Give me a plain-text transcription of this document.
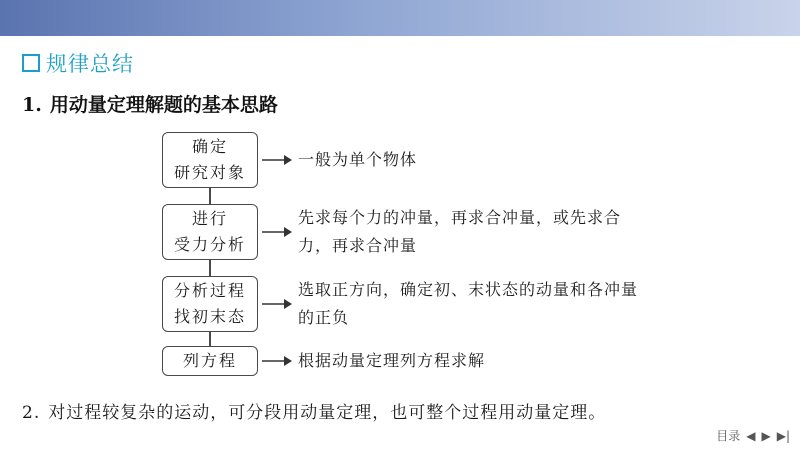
规律总结
1. 用动量定理解题的基本思路
确定
研究对象
一般为单个物体
进行
受力分析
先求每个力的冲量，再求合冲量，或先求合力，再求合冲量
分析过程
找初末态
选取正方向，确定初、末状态的动量和各冲量的正负
列方程	根据动量定理列方程求解
2. 对过程较复杂的运动，可分段用动量定理，也可整个过程用动量定理。
目录 ◀ ▶ ▶|
